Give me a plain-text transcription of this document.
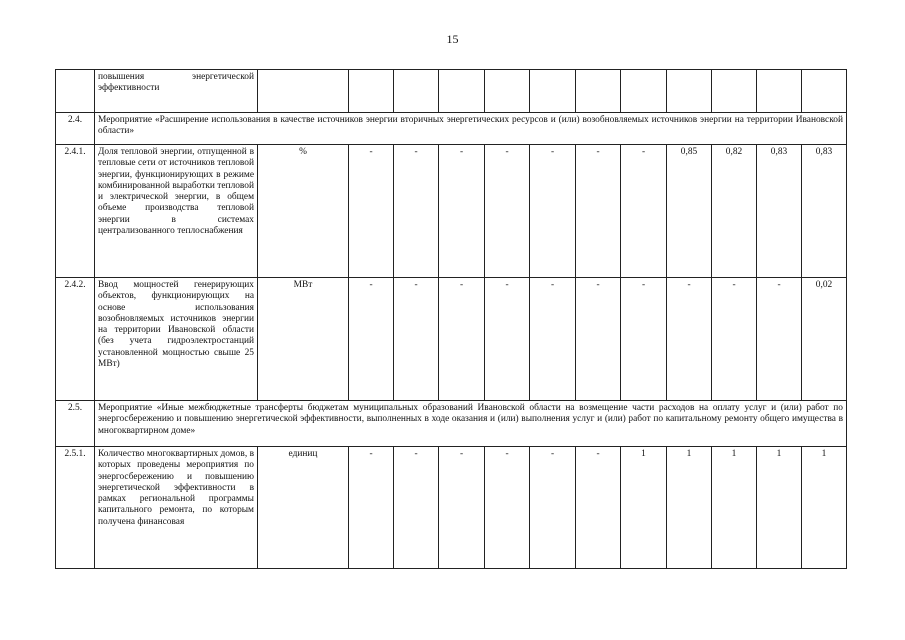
15
	повышения энергетической эффективности												
2.4.	Мероприятие «Расширение использования в качестве источников энергии вторичных энергетических ресурсов и (или) возобновляемых источников энергии на территории Ивановской области»												
2.4.1.	Доля тепловой энергии, отпущенной в тепловые сети от источников тепловой энергии, функционирующих в режиме комбинированной выработки тепловой и электрической энергии, в общем объеме производства тепловой энергии в системах централизованного теплоснабжения	%	-	-	-	-	-	-	-	0,85	0,82	0,83	0,83
2.4.2.	Ввод мощностей генерирующих объектов, функционирующих на основе использования возобновляемых источников энергии на территории Ивановской области (без учета гидроэлектростанций установленной мощностью свыше 25 МВт)	МВт	-	-	-	-	-	-	-	-	-	-	0,02
2.5.	Мероприятие «Иные межбюджетные трансферты бюджетам муниципальных образований Ивановской области на возмещение части расходов на оплату услуг и (или) работ по энергосбережению и повышению энергетической эффективности, выполненных в ходе оказания и (или) выполнения услуг и (или) работ по капитальному ремонту общего имущества в многоквартирном доме»												
2.5.1.	Количество многоквартирных домов, в которых проведены мероприятия по энергосбережению и повышению энергетической эффективности в рамках региональной программы капитального ремонта, по которым получена финансовая	единиц	-	-	-	-	-	-	1	1	1	1	1
